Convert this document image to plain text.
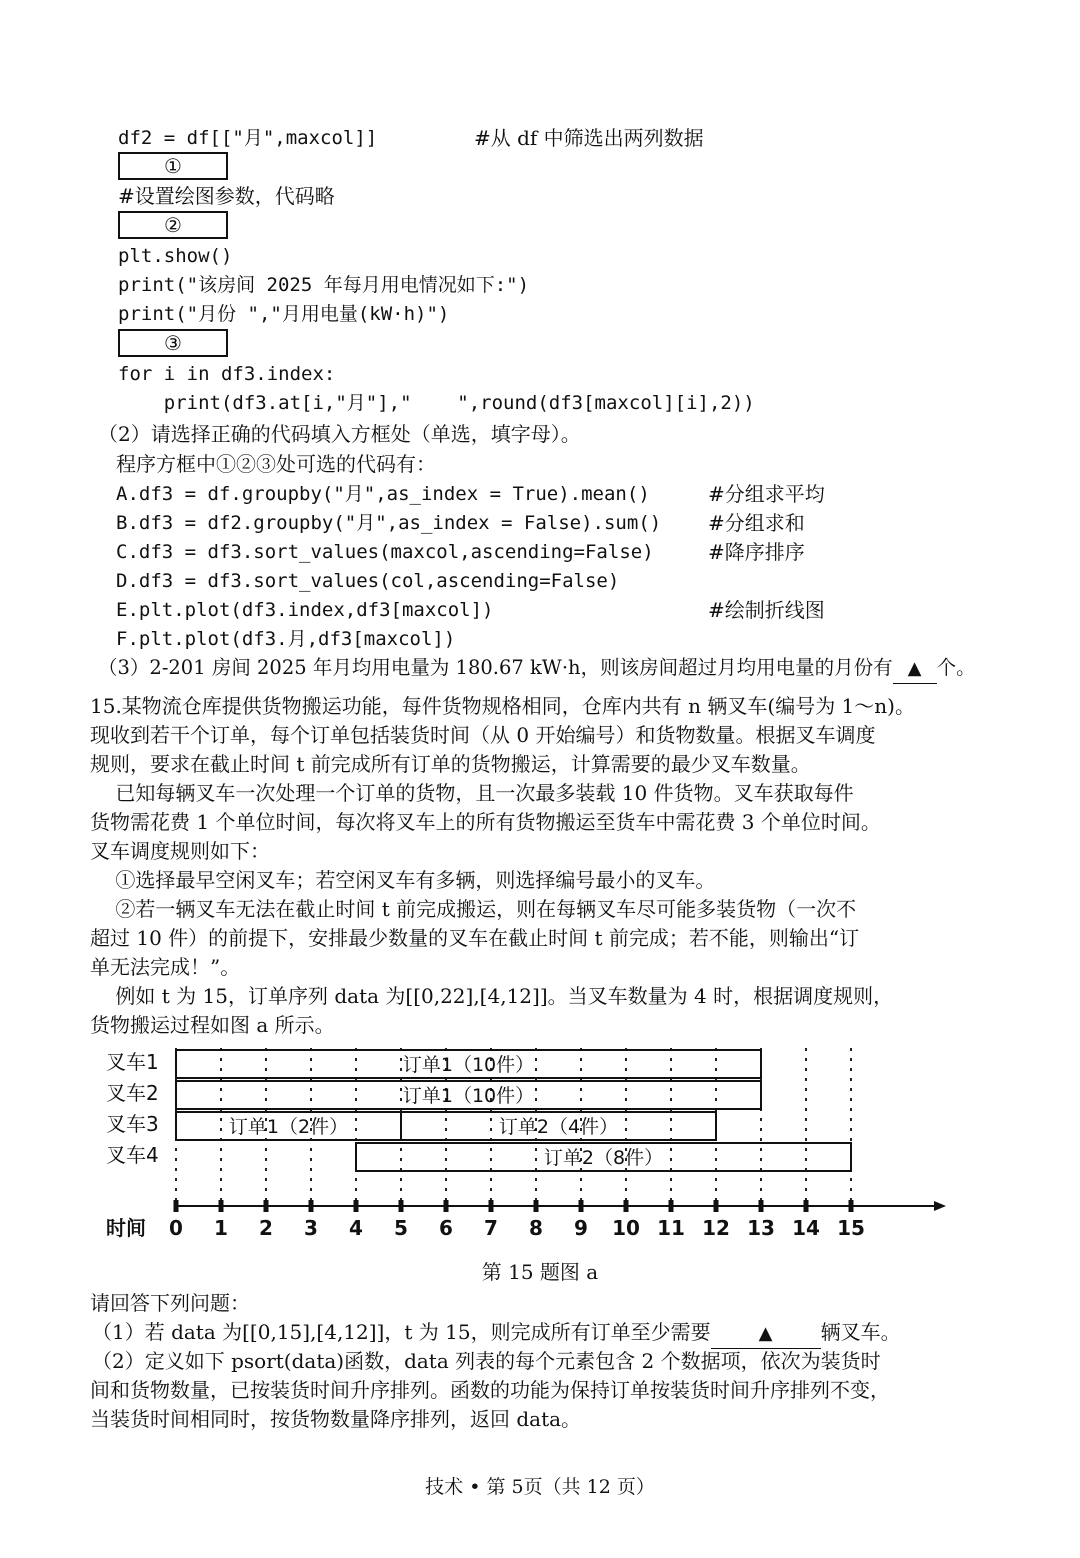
df2 = df[["月",maxcol]]	#从 df 中筛选出两列数据
①
#设置绘图参数，代码略
②
plt.show()
print("该房间 2025 年每月用电情况如下:")
print("月份 ","月用电量(kW·h)")
③
for i in df3.index:
print(df3.at[i,"月"],"    ",round(df3[maxcol][i],2))
（2）请选择正确的代码填入方框处（单选，填字母）。
程序方框中①②③处可选的代码有：
A.df3 = df.groupby("月",as_index = True).mean()	#分组求平均
B.df3 = df2.groupby("月",as_index = False).sum() #分组求和
C.df3 = df3.sort_values(maxcol,ascending=False)	#降序排序
D.df3 = df3.sort_values(col,ascending=False)
E.plt.plot(df3.index,df3[maxcol])	#绘制折线图
F.plt.plot(df3.月,df3[maxcol])
（3）2-201 房间 2025 年月均用电量为 180.67 kW·h，则该房间超过月均用电量的月份有 ▲ 个。
15.某物流仓库提供货物搬运功能，每件货物规格相同，仓库内共有 n 辆叉车(编号为 1～n)。
现收到若干个订单，每个订单包括装货时间（从 0 开始编号）和货物数量。根据叉车调度
规则，要求在截止时间 t 前完成所有订单的货物搬运，计算需要的最少叉车数量。
已知每辆叉车一次处理一个订单的货物，且一次最多装载 10 件货物。叉车获取每件
货物需花费 1 个单位时间，每次将叉车上的所有货物搬运至货车中需花费 3 个单位时间。
叉车调度规则如下：
①选择最早空闲叉车；若空闲叉车有多辆，则选择编号最小的叉车。
②若一辆叉车无法在截止时间 t 前完成搬运，则在每辆叉车尽可能多装货物（一次不
超过 10 件）的前提下，安排最少数量的叉车在截止时间 t 前完成；若不能，则输出“订
单无法完成！”。
例如 t 为 15，订单序列 data 为[[0,22],[4,12]]。当叉车数量为 4 时，根据调度规则，
货物搬运过程如图 a 所示。
叉车1
叉车2
叉车3
叉车4
订单1（10件）
订单1（10件）
订单1（2件）	订单2（4件）
订单2（8件）
0 1 2 3 4 5 6 7 8 9 10 11 12 13 14 15
时间
第 15 题图 a
请回答下列问题：
（1）若 data 为[[0,15],[4,12]]，t 为 15，则完成所有订单至少需要	▲ 辆叉车。
（2）定义如下 psort(data)函数，data 列表的每个元素包含 2 个数据项，依次为装货时
间和货物数量，已按装货时间升序排列。函数的功能为保持订单按装货时间升序排列不变，
当装货时间相同时，按货物数量降序排列，返回 data。
技术 • 第 5页（共 12 页）
